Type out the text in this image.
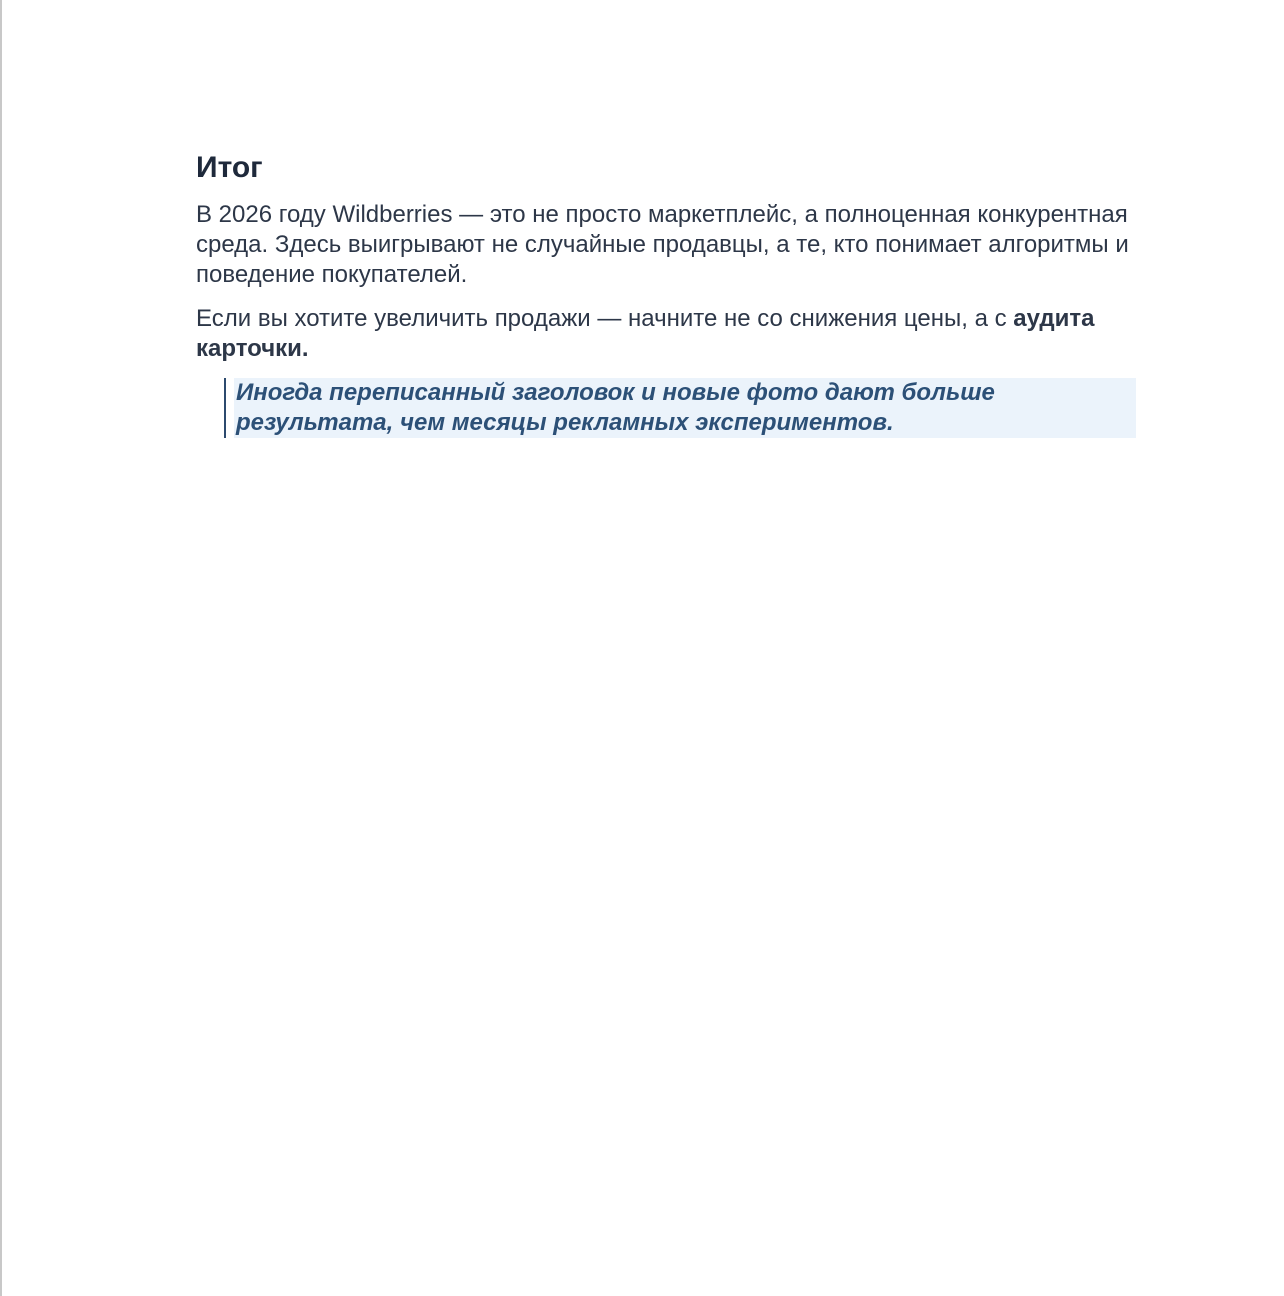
Итог

В 2026 году Wildberries — это не просто маркетплейс, а полноценная конкурентная среда. Здесь выигрывают не случайные продавцы, а те, кто понимает алгоритмы и поведение покупателей.

Если вы хотите увеличить продажи — начните не со снижения цены, а с аудита карточки.

Иногда переписанный заголовок и новые фото дают больше результата, чем месяцы рекламных экспериментов.
